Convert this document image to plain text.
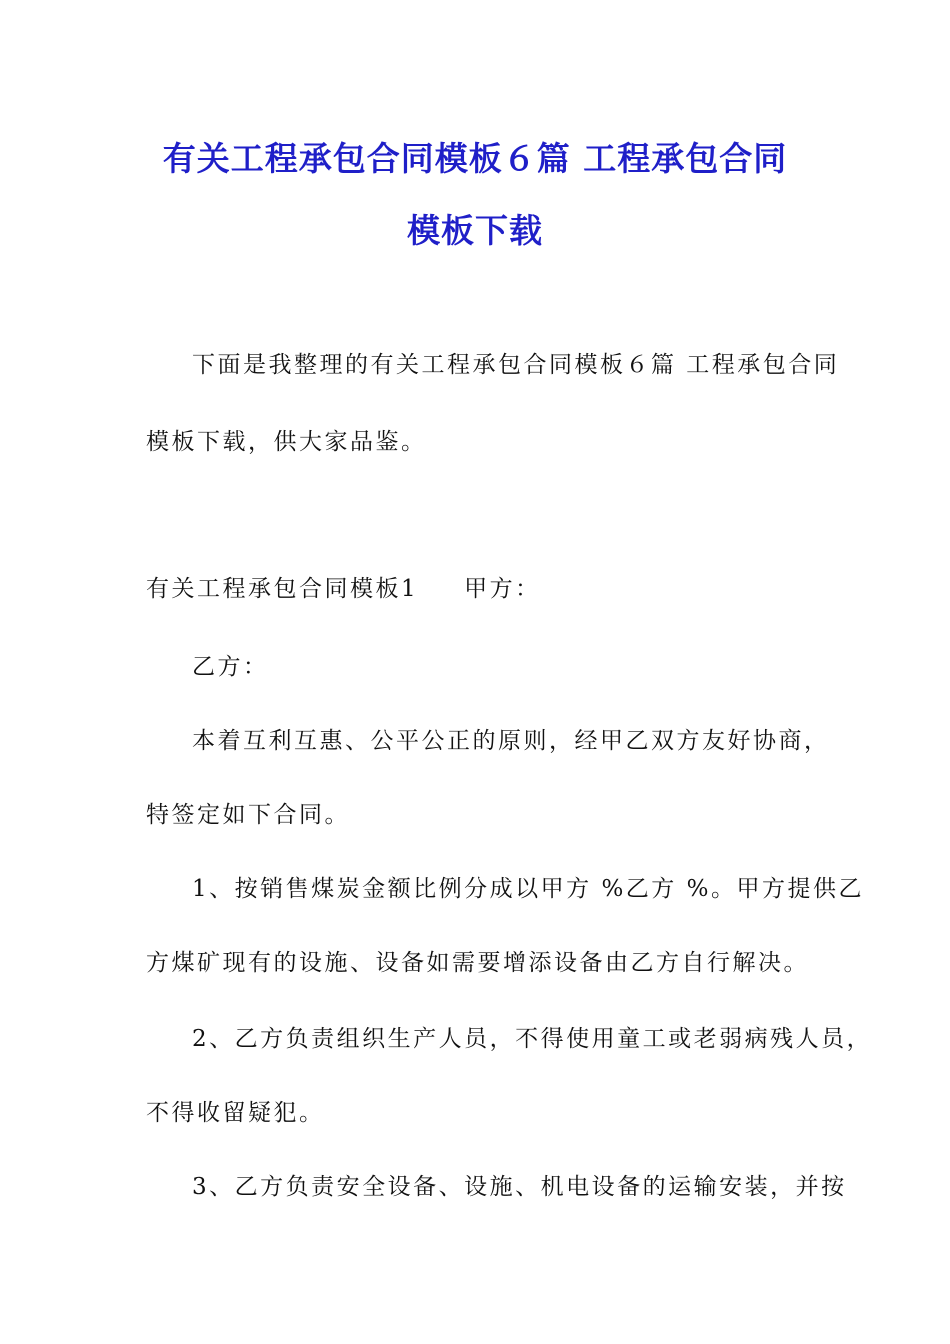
有关工程承包合同模板６篇 工程承包合同
模板下载
下面是我整理的有关工程承包合同模板６篇 工程承包合同
模板下载，供大家品鉴。
有关工程承包合同模板1 甲方：
乙方：
本着互利互惠、公平公正的原则，经甲乙双方友好协商，
特签定如下合同。
1、按销售煤炭金额比例分成以甲方 %乙方 %。甲方提供乙
方煤矿现有的设施、设备如需要增添设备由乙方自行解决。
2、乙方负责组织生产人员，不得使用童工或老弱病残人员，
不得收留疑犯。
3、乙方负责安全设备、设施、机电设备的运输安装，并按
